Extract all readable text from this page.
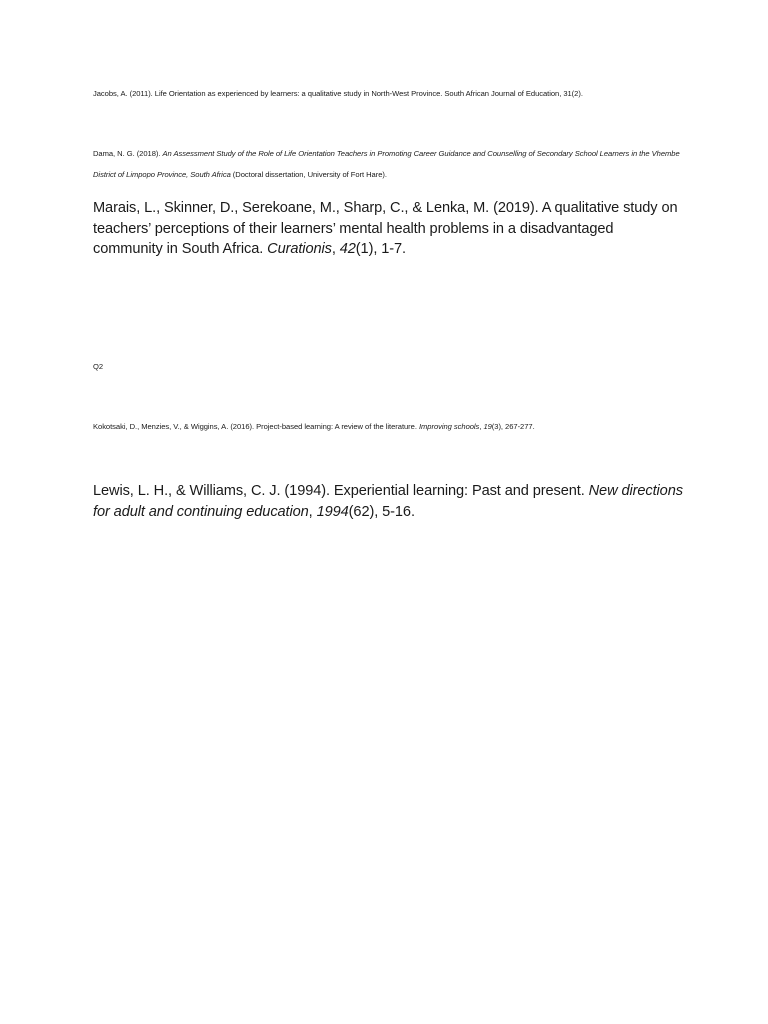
Jacobs, A. (2011). Life Orientation as experienced by learners: a qualitative study in North-West Province. South African Journal of Education, 31(2).

Dama, N. G. (2018). An Assessment Study of the Role of Life Orientation Teachers in Promoting Career Guidance and Counselling of Secondary School Learners in the Vhembe District of Limpopo Province, South Africa (Doctoral dissertation, University of Fort Hare).

Marais, L., Skinner, D., Serekoane, M., Sharp, C., & Lenka, M. (2019). A qualitative study on teachers’ perceptions of their learners’ mental health problems in a disadvantaged community in South Africa. Curationis, 42(1), 1-7.

Q2

Kokotsaki, D., Menzies, V., & Wiggins, A. (2016). Project-based learning: A review of the literature. Improving schools, 19(3), 267-277.

Lewis, L. H., & Williams, C. J. (1994). Experiential learning: Past and present. New directions for adult and continuing education, 1994(62), 5-16.
